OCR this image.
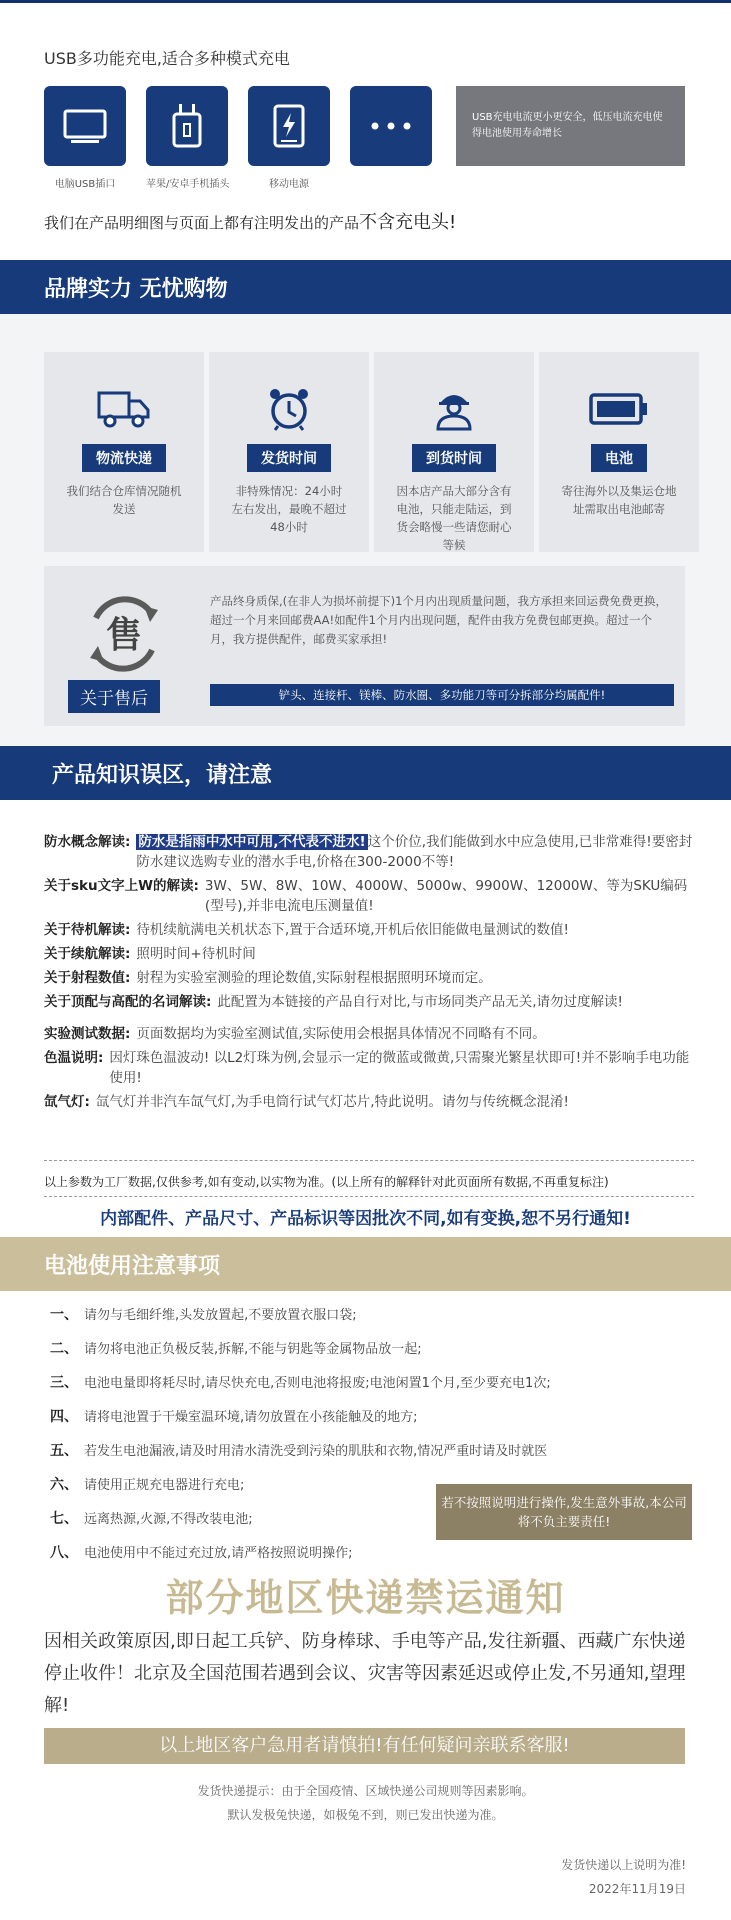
USB多功能充电,适合多种模式充电
电脑USB插口	苹果/安卓手机插头	移动电源
USB充电电流更小更安全，低压电流充电使得电池使用寿命增长
我们在产品明细图与页面上都有注明发出的产品不含充电头!
品牌实力 无忧购物
物流快递
我们结合仓库情况随机发送
发货时间
非特殊情况：24小时左右发出，最晚不超过48小时
到货时间
因本店产品大部分含有电池，只能走陆运，到货会略慢一些请您耐心等候
电池
寄往海外以及集运仓地址需取出电池邮寄
售
关于售后
产品终身质保,(在非人为损坏前提下)1个月内出现质量问题，我方承担来回运费免费更换，超过一个月来回邮费AA!如配件1个月内出现问题，配件由我方免费包邮更换。超过一个月，我方提供配件，邮费买家承担!
铲头、连接杆、镁棒、防水圈、多功能刀等可分拆部分均属配件!
产品知识误区，请注意
防水概念解读: 防水是指雨中水中可用,不代表不进水! 这个价位,我们能做到水中应急使用,已非常难得!要密封防水建议选购专业的潜水手电,价格在300-2000不等!
关于sku文字上W的解读: 3W、5W、8W、10W、4000W、5000w、9900W、12000W、等为SKU编码(型号),并非电流电压测量值!
关于待机解读: 待机续航满电关机状态下,置于合适环境,开机后依旧能做电量测试的数值!
关于续航解读: 照明时间+待机时间
关于射程数值: 射程为实验室测验的理论数值,实际射程根据照明环境而定。
关于顶配与高配的名词解读: 此配置为本链接的产品自行对比,与市场同类产品无关,请勿过度解读!
实验测试数据: 页面数据均为实验室测试值,实际使用会根据具体情况不同略有不同。
色温说明: 因灯珠色温波动! 以L2灯珠为例,会显示一定的微蓝或微黄,只需聚光繁星状即可!并不影响手电功能使用!
氙气灯: 氙气灯并非汽车氙气灯,为手电筒行试气灯芯片,特此说明。请勿与传统概念混淆!
以上参数为工厂数据,仅供参考,如有变动,以实物为准。(以上所有的解释针对此页面所有数据,不再重复标注)
内部配件、产品尺寸、产品标识等因批次不同,如有变换,恕不另行通知!
电池使用注意事项
一、 请勿与毛细纤维,头发放置起,不要放置衣服口袋;
二、 请勿将电池正负极反装,拆解,不能与钥匙等金属物品放一起;
三、 电池电量即将耗尽时,请尽快充电,否则电池将报废;电池闲置1个月,至少要充电1次;
四、 请将电池置于干燥室温环境,请勿放置在小孩能触及的地方;
五、 若发生电池漏液,请及时用清水清洗受到污染的肌肤和衣物,情况严重时请及时就医
六、 请使用正规充电器进行充电;
七、 远离热源,火源,不得改装电池;
八、 电池使用中不能过充过放,请严格按照说明操作;
若不按照说明进行操作,发生意外事故,本公司将不负主要责任!
部分地区快递禁运通知
因相关政策原因,即日起工兵铲、防身棒球、手电等产品,发往新疆、西藏广东快递停止收件！北京及全国范围若遇到会议、灾害等因素延迟或停止发,不另通知,望理解!
以上地区客户急用者请慎拍!有任何疑问亲联系客服!
发货快递提示：由于全国疫情、区域快递公司规则等因素影响。
默认发极兔快递，如极兔不到，则已发出快递为准。
发货快递以上说明为准!
2022年11月19日
